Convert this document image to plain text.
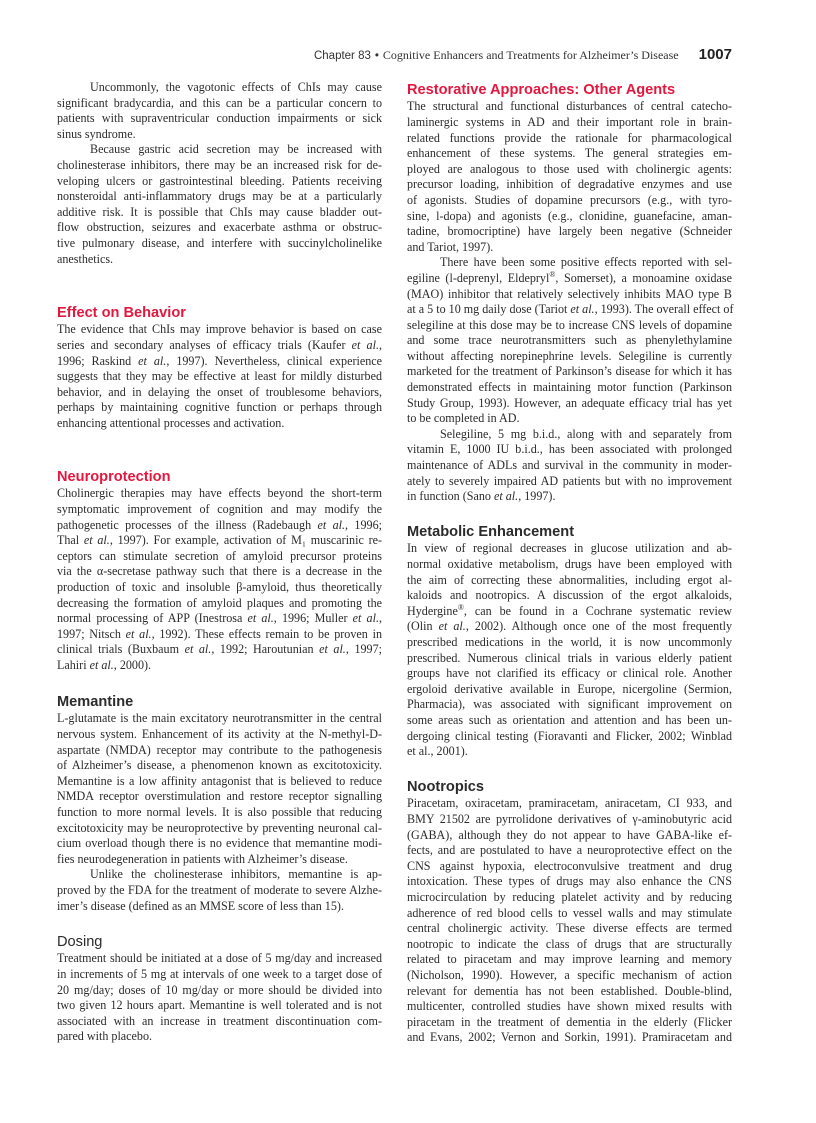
Chapter 83 • Cognitive Enhancers and Treatments for Alzheimer’s Disease 1007
Uncommonly, the vagotonic effects of ChIs may cause
significant bradycardia, and this can be a particular concern to
patients with supraventricular conduction impairments or sick
sinus syndrome.
Because gastric acid secretion may be increased with
cholinesterase inhibitors, there may be an increased risk for de-
veloping ulcers or gastrointestinal bleeding. Patients receiving
nonsteroidal anti-inflammatory drugs may be at a particularly
additive risk. It is possible that ChIs may cause bladder out-
flow obstruction, seizures and exacerbate asthma or obstruc-
tive pulmonary disease, and interfere with succinylcholinelike
anesthetics.
Effect on Behavior
The evidence that ChIs may improve behavior is based on case
series and secondary analyses of efficacy trials (Kaufer et al.,
1996; Raskind et al., 1997). Nevertheless, clinical experience
suggests that they may be effective at least for mildly disturbed
behavior, and in delaying the onset of troublesome behaviors,
perhaps by maintaining cognitive function or perhaps through
enhancing attentional processes and activation.
Neuroprotection
Cholinergic therapies may have effects beyond the short-term
symptomatic improvement of cognition and may modify the
pathogenetic processes of the illness (Radebaugh et al., 1996;
Thal et al., 1997). For example, activation of M₁ muscarinic re-
ceptors can stimulate secretion of amyloid precursor proteins
via the α-secretase pathway such that there is a decrease in the
production of toxic and insoluble β-amyloid, thus theoretically
decreasing the formation of amyloid plaques and promoting the
normal processing of APP (Inestrosa et al., 1996; Muller et al.,
1997; Nitsch et al., 1992). These effects remain to be proven in
clinical trials (Buxbaum et al., 1992; Haroutunian et al., 1997;
Lahiri et al., 2000).
Memantine
L-glutamate is the main excitatory neurotransmitter in the central
nervous system. Enhancement of its activity at the N-methyl-D-
aspartate (NMDA) receptor may contribute to the pathogenesis
of Alzheimer’s disease, a phenomenon known as excitotoxicity.
Memantine is a low affinity antagonist that is believed to reduce
NMDA receptor overstimulation and restore receptor signalling
function to more normal levels. It is also possible that reducing
excitotoxicity may be neuroprotective by preventing neuronal cal-
cium overload though there is no evidence that memantine modi-
fies neurodegeneration in patients with Alzheimer’s disease.
Unlike the cholinesterase inhibitors, memantine is ap-
proved by the FDA for the treatment of moderate to severe Alzhe-
imer’s disease (defined as an MMSE score of less than 15).
Dosing
Treatment should be initiated at a dose of 5 mg/day and increased
in increments of 5 mg at intervals of one week to a target dose of
20 mg/day; doses of 10 mg/day or more should be divided into
two given 12 hours apart. Memantine is well tolerated and is not
associated with an increase in treatment discontinuation com-
pared with placebo.
Restorative Approaches: Other Agents
The structural and functional disturbances of central catecho-
laminergic systems in AD and their important role in brain-
related functions provide the rationale for pharmacological
enhancement of these systems. The general strategies em-
ployed are analogous to those used with cholinergic agents:
precursor loading, inhibition of degradative enzymes and use
of agonists. Studies of dopamine precursors (e.g., with tyro-
sine, l-dopa) and agonists (e.g., clonidine, guanefacine, aman-
tadine, bromocriptine) have largely been negative (Schneider
and Tariot, 1997).
There have been some positive effects reported with sel-
egiline (l-deprenyl, Eldepryl®, Somerset), a monoamine oxidase
(MAO) inhibitor that relatively selectively inhibits MAO type B
at a 5 to 10 mg daily dose (Tariot et al., 1993). The overall effect of
selegiline at this dose may be to increase CNS levels of dopamine
and some trace neurotransmitters such as phenylethylamine
without affecting norepinephrine levels. Selegiline is currently
marketed for the treatment of Parkinson’s disease for which it has
demonstrated effects in maintaining motor function (Parkinson
Study Group, 1993). However, an adequate efficacy trial has yet
to be completed in AD.
Selegiline, 5 mg b.i.d., along with and separately from
vitamin E, 1000 IU b.i.d., has been associated with prolonged
maintenance of ADLs and survival in the community in moder-
ately to severely impaired AD patients but with no improvement
in function (Sano et al., 1997).
Metabolic Enhancement
In view of regional decreases in glucose utilization and ab-
normal oxidative metabolism, drugs have been employed with
the aim of correcting these abnormalities, including ergot al-
kaloids and nootropics. A discussion of the ergot alkaloids,
Hydergine®, can be found in a Cochrane systematic review
(Olin et al., 2002). Although once one of the most frequently
prescribed medications in the world, it is now uncommonly
prescribed. Numerous clinical trials in various elderly patient
groups have not clarified its efficacy or clinical role. Another
ergoloid derivative available in Europe, nicergoline (Sermion,
Pharmacia), was associated with significant improvement on
some areas such as orientation and attention and has been un-
dergoing clinical testing (Fioravanti and Flicker, 2002; Winblad
et al., 2001).
Nootropics
Piracetam, oxiracetam, pramiracetam, aniracetam, CI 933, and
BMY 21502 are pyrrolidone derivatives of γ-aminobutyric acid
(GABA), although they do not appear to have GABA-like ef-
fects, and are postulated to have a neuroprotective effect on the
CNS against hypoxia, electroconvulsive treatment and drug
intoxication. These types of drugs may also enhance the CNS
microcirculation by reducing platelet activity and by reducing
adherence of red blood cells to vessel walls and may stimulate
central cholinergic activity. These diverse effects are termed
nootropic to indicate the class of drugs that are structurally
related to piracetam and may improve learning and memory
(Nicholson, 1990). However, a specific mechanism of action
relevant for dementia has not been established. Double-blind,
multicenter, controlled studies have shown mixed results with
piracetam in the treatment of dementia in the elderly (Flicker
and Evans, 2002; Vernon and Sorkin, 1991). Pramiracetam and
